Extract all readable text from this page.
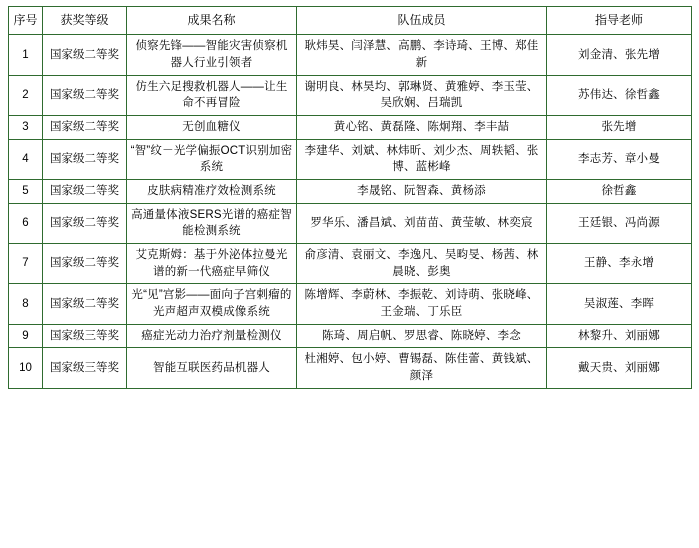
序号	获奖等级	成果名称	队伍成员	指导老师
1	国家级二等奖	侦察先锋——智能灾害侦察机器人行业引领者	耿炜昊、闫泽慧、高鹏、李诗琦、王博、郑佳新	刘金清、张先增
2	国家级二等奖	仿生六足搜救机器人——让生命不再冒险	谢明良、林昊均、郭琳贤、黄雅婷、李玉莹、吴欣娴、吕瑞凯	苏伟达、徐哲鑫
3	国家级二等奖	无创血糖仪	黄心铭、黄磊隆、陈炯翔、李丰喆	张先增
4	国家级二等奖	“智”纹－光学偏振OCT识别加密系统	李建华、刘斌、林炜昕、刘少杰、周轶韬、张博、蓝彬峰	李志芳、章小曼
5	国家级二等奖	皮肤病精准疗效检测系统	李晟铭、阮智森、黄杨添	徐哲鑫
6	国家级二等奖	高通量体液SERS光谱的癌症智能检测系统	罗华乐、潘昌斌、刘苗苗、黄莹敏、林奕宸	王廷银、冯尚源
7	国家级二等奖	艾克斯姆：基于外泌体拉曼光谱的新一代癌症早筛仪	俞彦清、袁丽文、李逸凡、吴畇旻、杨茜、林晨晓、彭奥	王静、李永增
8	国家级二等奖	光“见”宫影——面向子宫剌瘤的 光声超声双模成像系统	陈增辉、李蔚林、李振乾、刘诗萌、张晓峰、王金瑞、丁乐臣	吴淑莲、李晖
9	国家级三等奖	癌症光动力治疗剂量检测仪	陈琦、周启帆、罗思睿、陈晓婷、李念	林黎升、刘丽娜
10	国家级三等奖	智能互联医药品机器人	杜湘婷、包小婷、曹锡磊、陈佳蕾、黄钱斌、颜泽	戴天贵、刘丽娜
